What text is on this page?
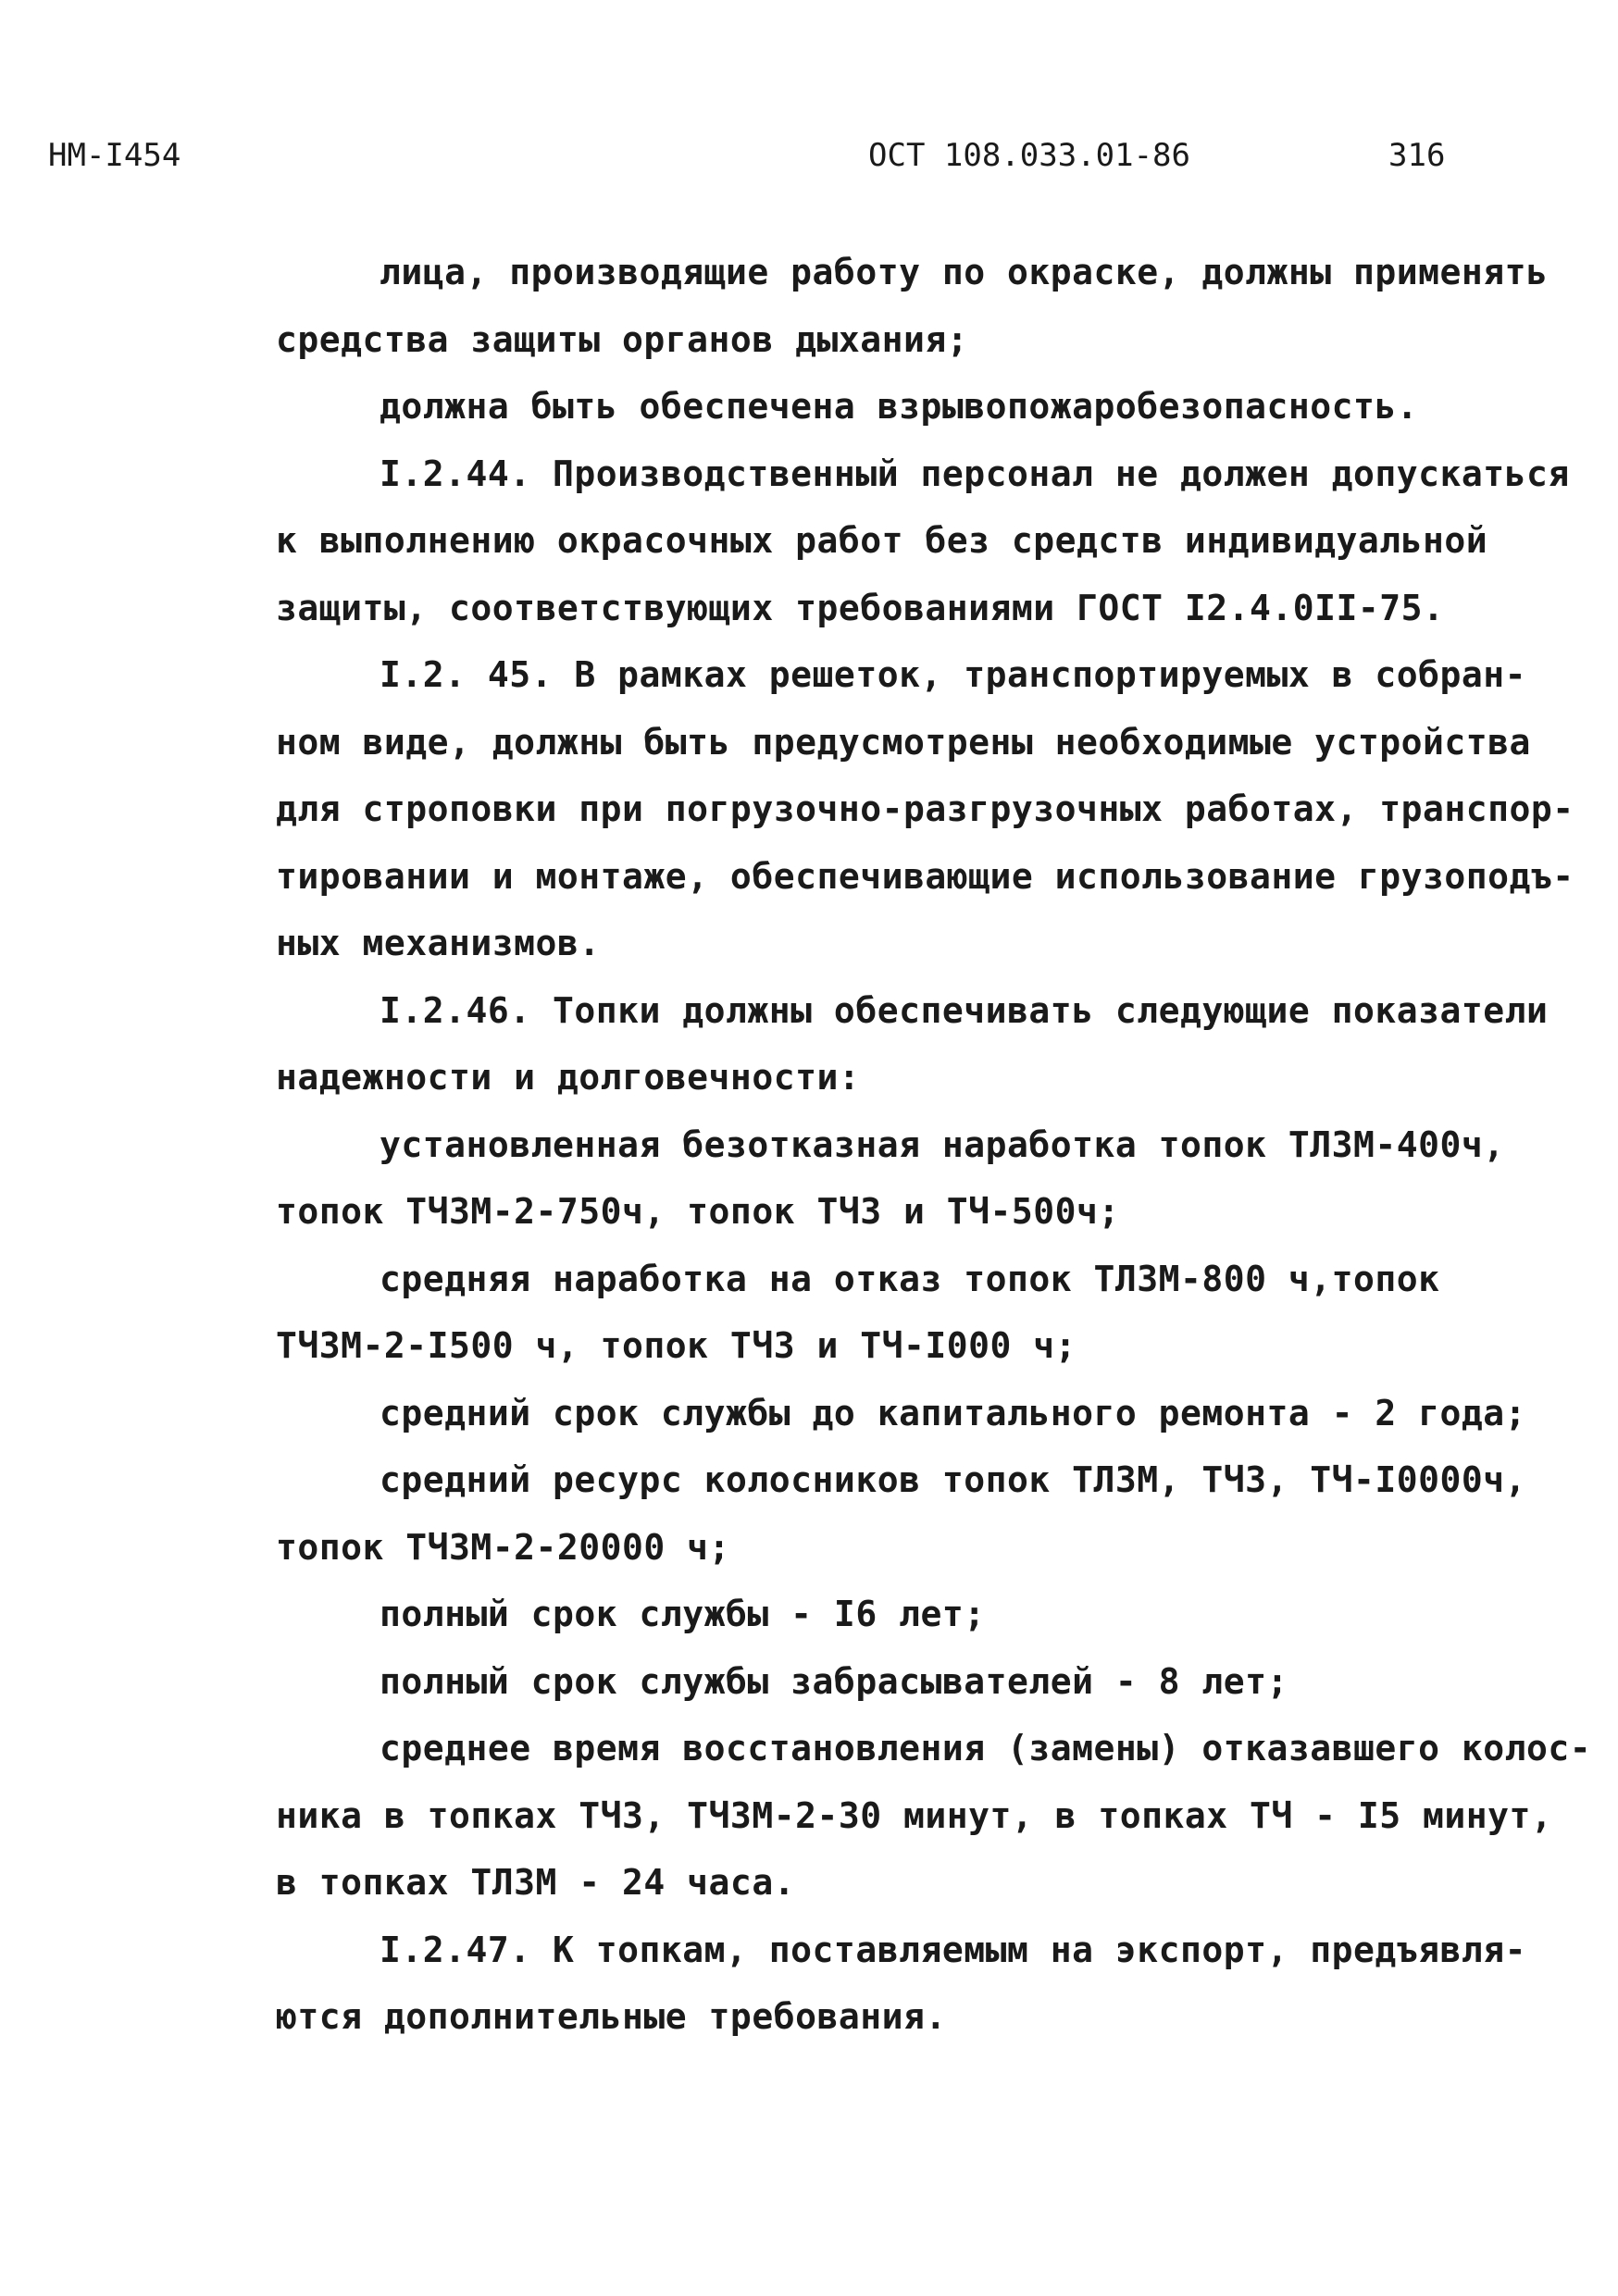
НМ-I454	ОСТ 108.033.01-86	316
лица, производящие работу по окраске, должны применять
средства защиты органов дыхания;
должна быть обеспечена взрывопожаробезопасность.
I.2.44. Производственный персонал не должен допускаться
к выполнению окрасочных работ без средств индивидуальной
защиты, соответствующих требованиями ГОСТ I2.4.0II-75.
I.2. 45. В рамках решеток, транспортируемых в собран-
ном виде, должны быть предусмотрены необходимые устройства
для строповки при погрузочно-разгрузочных работах, транспор-
тировании и монтаже, обеспечивающие использование грузоподъ-
ных механизмов.
I.2.46. Топки должны обеспечивать следующие показатели
надежности и долговечности:
установленная безотказная наработка топок ТЛЗМ-400ч,
топок ТЧЗМ-2-750ч, топок ТЧЗ и ТЧ-500ч;
средняя наработка на отказ топок ТЛЗМ-800 ч,топок
ТЧЗМ-2-I500 ч, топок ТЧЗ и ТЧ-I000 ч;
средний срок службы до капитального ремонта - 2 года;
средний ресурс колосников топок ТЛЗМ, ТЧЗ, ТЧ-I0000ч,
топок ТЧЗМ-2-20000 ч;
полный срок службы - I6 лет;
полный срок службы забрасывателей - 8 лет;
среднее время восстановления (замены) отказавшего колос-
ника в топках ТЧЗ, ТЧЗМ-2-30 минут, в топках ТЧ - I5 минут,
в топках ТЛЗМ - 24 часа.
I.2.47. К топкам, поставляемым на экспорт, предъявля-
ются дополнительные требования.
